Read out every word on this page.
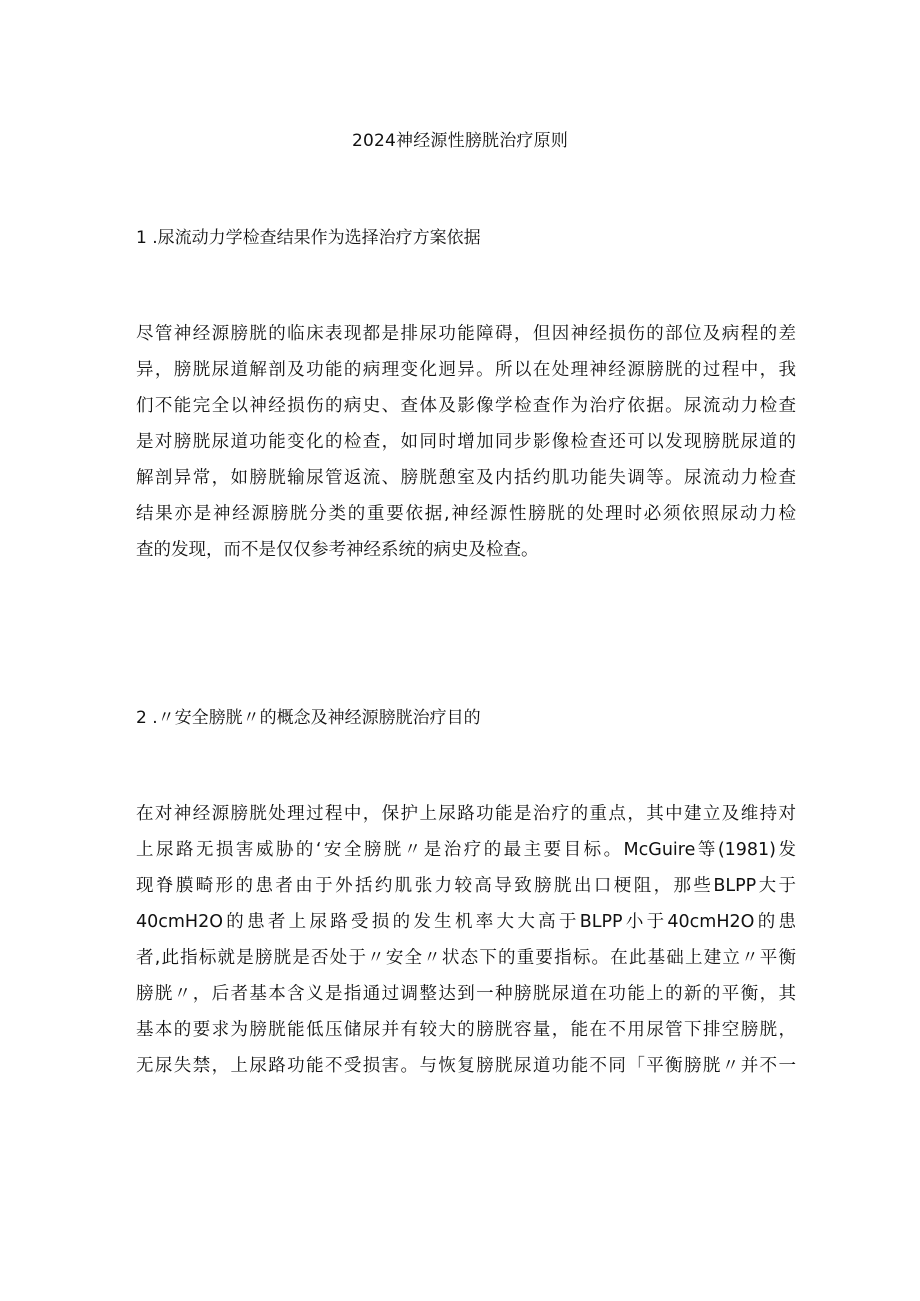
2024神经源性膀胱治疗原则
1 .尿流动力学检查结果作为选择治疗方案依据
尽管神经源膀胱的临床表现都是排尿功能障碍，但因神经损伤的部位及病程的差
异，膀胱尿道解剖及功能的病理变化迥异。所以在处理神经源膀胱的过程中，我
们不能完全以神经损伤的病史、查体及影像学检查作为治疗依据。尿流动力检查
是对膀胱尿道功能变化的检查，如同时增加同步影像检查还可以发现膀胱尿道的
解剖异常，如膀胱输尿管返流、膀胱憩室及内括约肌功能失调等。尿流动力检查
结果亦是神经源膀胱分类的重要依据,神经源性膀胱的处理时必须依照尿动力检
查的发现，而不是仅仅参考神经系统的病史及检查。
2 .〃安全膀胱〃的概念及神经源膀胱治疗目的
在对神经源膀胱处理过程中，保护上尿路功能是治疗的重点，其中建立及维持对
上尿路无损害威胁的‘安全膀胱〃是治疗的最主要目标。McGuire等(1981)发
现脊膜畸形的患者由于外括约肌张力较高导致膀胱出口梗阻，那些BLPP大于
40cmH2O的患者上尿路受损的发生机率大大高于BLPP小于40cmH2O的患
者,此指标就是膀胱是否处于〃安全〃状态下的重要指标。在此基础上建立〃平衡
膀胱〃，后者基本含义是指通过调整达到一种膀胱尿道在功能上的新的平衡，其
基本的要求为膀胱能低压储尿并有较大的膀胱容量，能在不用尿管下排空膀胱，
无尿失禁，上尿路功能不受损害。与恢复膀胱尿道功能不同「平衡膀胱〃并不一
